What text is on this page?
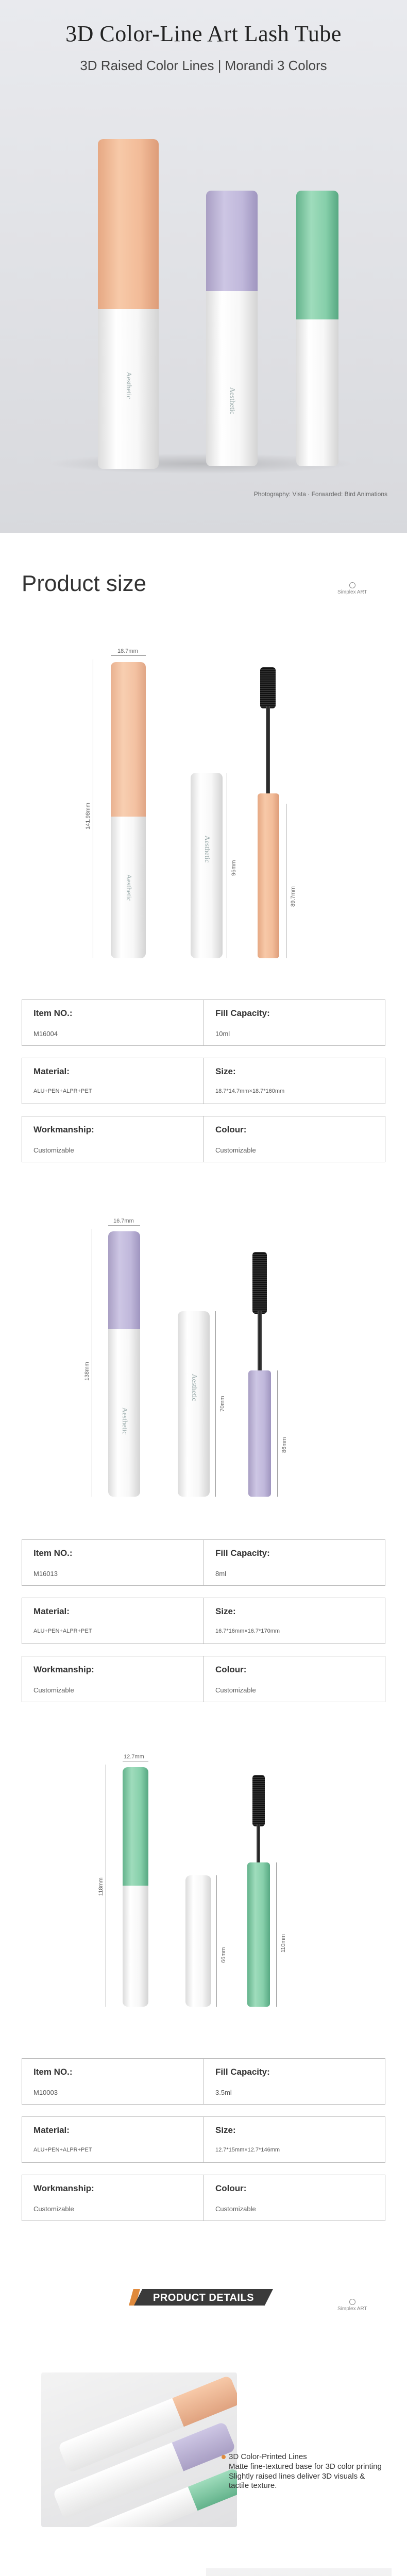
3D Color-Line Art Lash Tube
3D Raised Color Lines | Morandi 3 Colors
Aesthetic
Aesthetic
Photography: Vista · Forwarded: Bird Animations
Product size	Simplex ART
18.7mm
141.98mm
Aesthetic
Aesthetic
96mm
89.7mm
Item NO.:
M16004
Fill Capacity:
10ml
Material:
ALU+PEN+ALPR+PET
Size:
18.7*14.7mm×18.7*160mm
Workmanship:
Customizable
Colour:
Customizable
16.7mm
138mm
Aesthetic
Aesthetic
70mm
86mm
Item NO.:
M16013
Fill Capacity:
8ml
Material:
ALU+PEN+ALPR+PET
Size:
16.7*16mm×16.7*170mm
Workmanship:
Customizable
Colour:
Customizable
12.7mm
118mm
66mm
110mm
Item NO.:
M10003
Fill Capacity:
3.5ml
Material:
ALU+PEN+ALPR+PET
Size:
12.7*15mm×12.7*146mm
Workmanship:
Customizable
Colour:
Customizable
PRODUCT DETAILS
Simplex ART
3D Color-Printed Lines
Matte fine-textured base for 3D color printing
Slightly raised lines deliver 3D visuals & tactile texture.
